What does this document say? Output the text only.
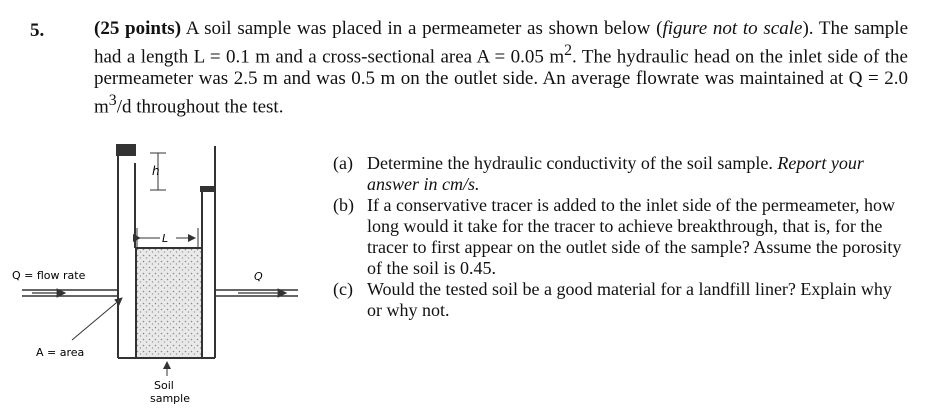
5.	(25 points) A soil sample was placed in a permeameter as shown below (figure not to scale). The sample had a length L = 0.1 m and a cross-sectional area A = 0.05 $m^2$. The hydraulic head on the inlet side of the permeameter was 2.5 m and was 0.5 m on the outlet side. An average flowrate was maintained at Q = 2.0 $m^3/d$ throughout the test.
h
L
Q = flow rate	Q
A = area
Soil
sample
(a) Determine the hydraulic conductivity of the soil sample. Report your answer in cm/s.
(b) If a conservative tracer is added to the inlet side of the permeameter, how long would it take for the tracer to achieve breakthrough, that is, for the tracer to first appear on the outlet side of the sample? Assume the porosity of the soil is 0.45.
(c) Would the tested soil be a good material for a landfill liner? Explain why or why not.
